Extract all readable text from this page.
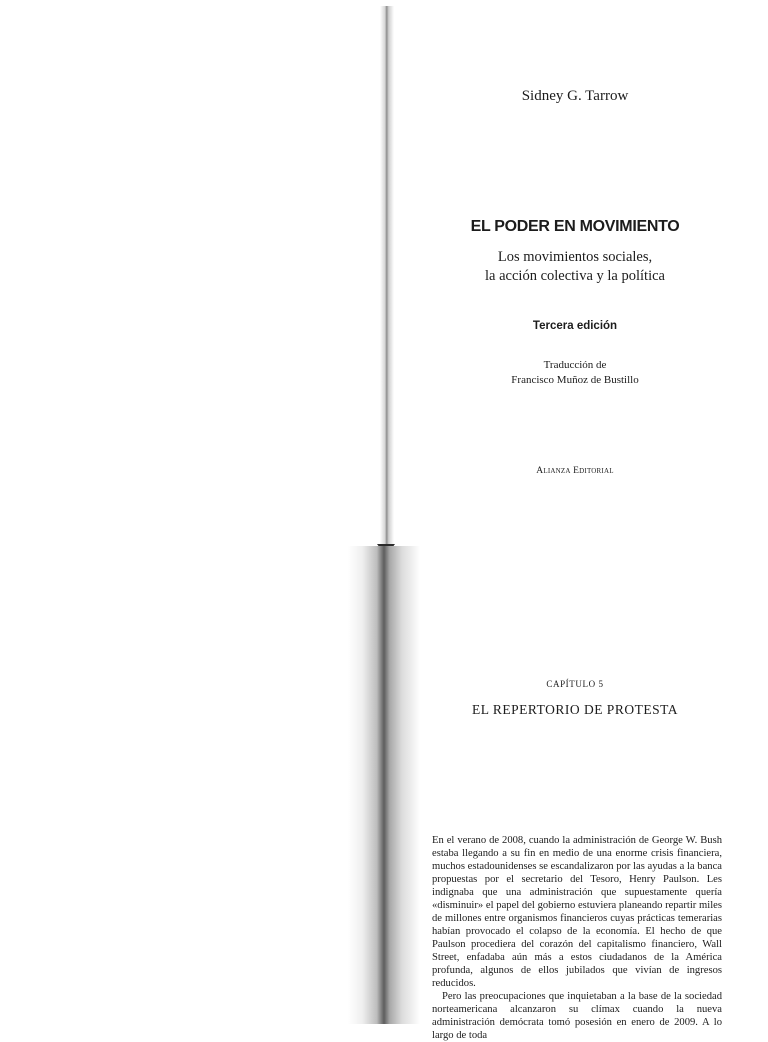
Sidney G. Tarrow
EL PODER EN MOVIMIENTO
Los movimientos sociales,
la acción colectiva y la política
Tercera edición
Traducción de
Francisco Muñoz de Bustillo
Alianza Editorial
CAPÍTULO 5
EL REPERTORIO DE PROTESTA

En el verano de 2008, cuando la administración de George W. Bush estaba llegando a su fin en medio de una enorme crisis financiera, muchos estadounidenses se escandalizaron por las ayudas a la banca propuestas por el secretario del Tesoro, Henry Paulson. Les indignaba que una administración que supuestamente quería «disminuir» el papel del gobierno estuviera planeando repartir miles de millones entre organismos financieros cuyas prácticas temerarias habían provocado el colapso de la economía. El hecho de que Paulson procediera del corazón del capitalismo financiero, Wall Street, enfadaba aún más a estos ciudadanos de la América profunda, algunos de ellos jubilados que vivían de ingresos reducidos.

Pero las preocupaciones que inquietaban a la base de la sociedad norteamericana alcanzaron su clímax cuando la nueva administración demócrata tomó posesión en enero de 2009. A lo largo de toda
